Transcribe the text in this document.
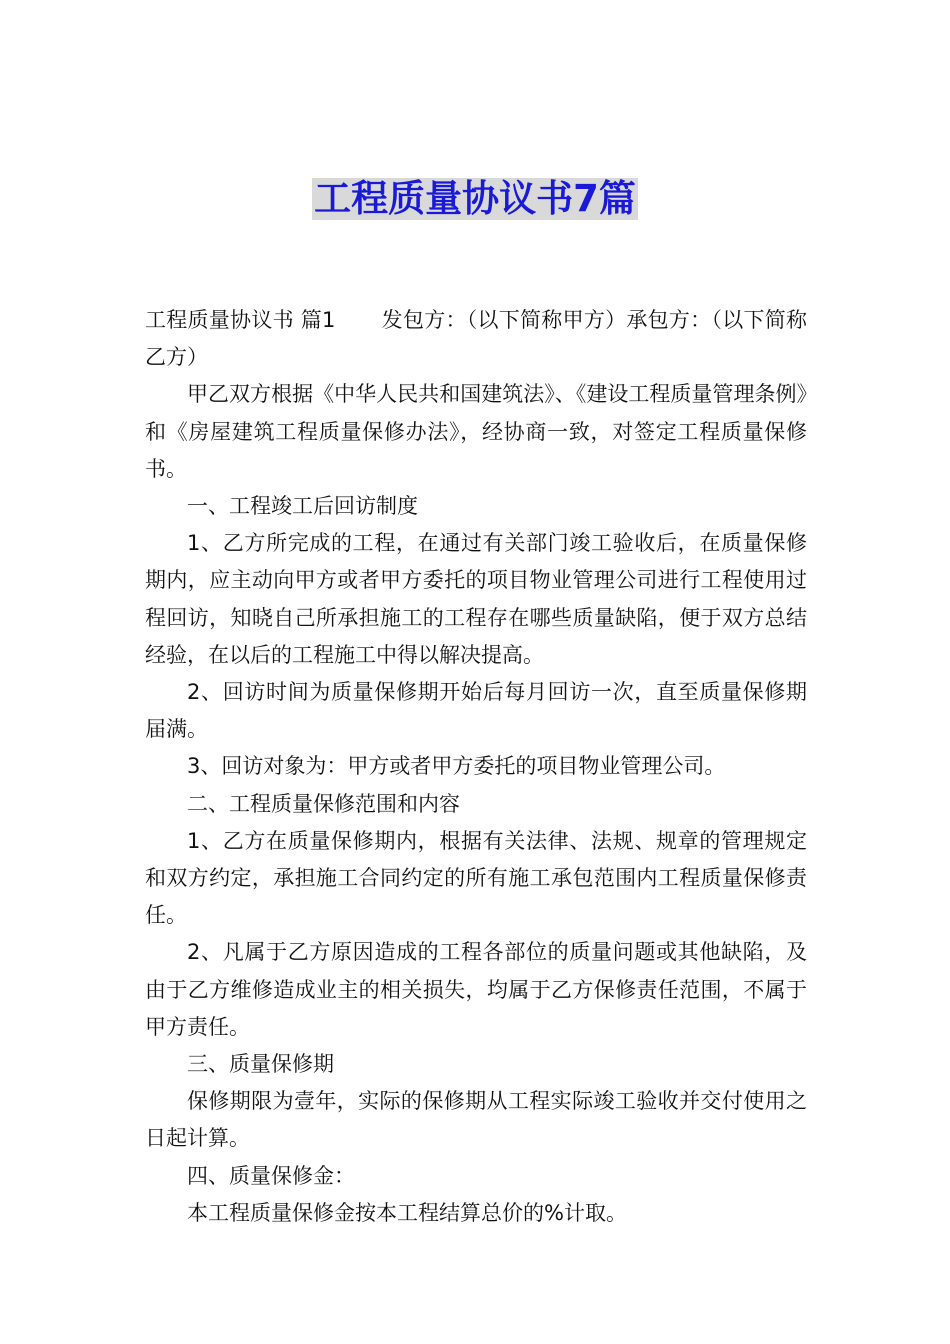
工程质量协议书7篇

工程质量协议书 篇1 发包方：（以下简称甲方）承包方：（以下简称乙方）

甲乙双方根据《中华人民共和国建筑法》、《建设工程质量管理条例》和《房屋建筑工程质量保修办法》，经协商一致，对签定工程质量保修书。

一、工程竣工后回访制度

1、乙方所完成的工程，在通过有关部门竣工验收后，在质量保修期内，应主动向甲方或者甲方委托的项目物业管理公司进行工程使用过程回访，知晓自己所承担施工的工程存在哪些质量缺陷，便于双方总结经验，在以后的工程施工中得以解决提高。

2、回访时间为质量保修期开始后每月回访一次，直至质量保修期届满。

3、回访对象为：甲方或者甲方委托的项目物业管理公司。

二、工程质量保修范围和内容

1、乙方在质量保修期内，根据有关法律、法规、规章的管理规定和双方约定，承担施工合同约定的所有施工承包范围内工程质量保修责任。

2、凡属于乙方原因造成的工程各部位的质量问题或其他缺陷，及由于乙方维修造成业主的相关损失，均属于乙方保修责任范围，不属于甲方责任。

三、质量保修期

保修期限为壹年，实际的保修期从工程实际竣工验收并交付使用之日起计算。

四、质量保修金：

本工程质量保修金按本工程结算总价的%计取。
